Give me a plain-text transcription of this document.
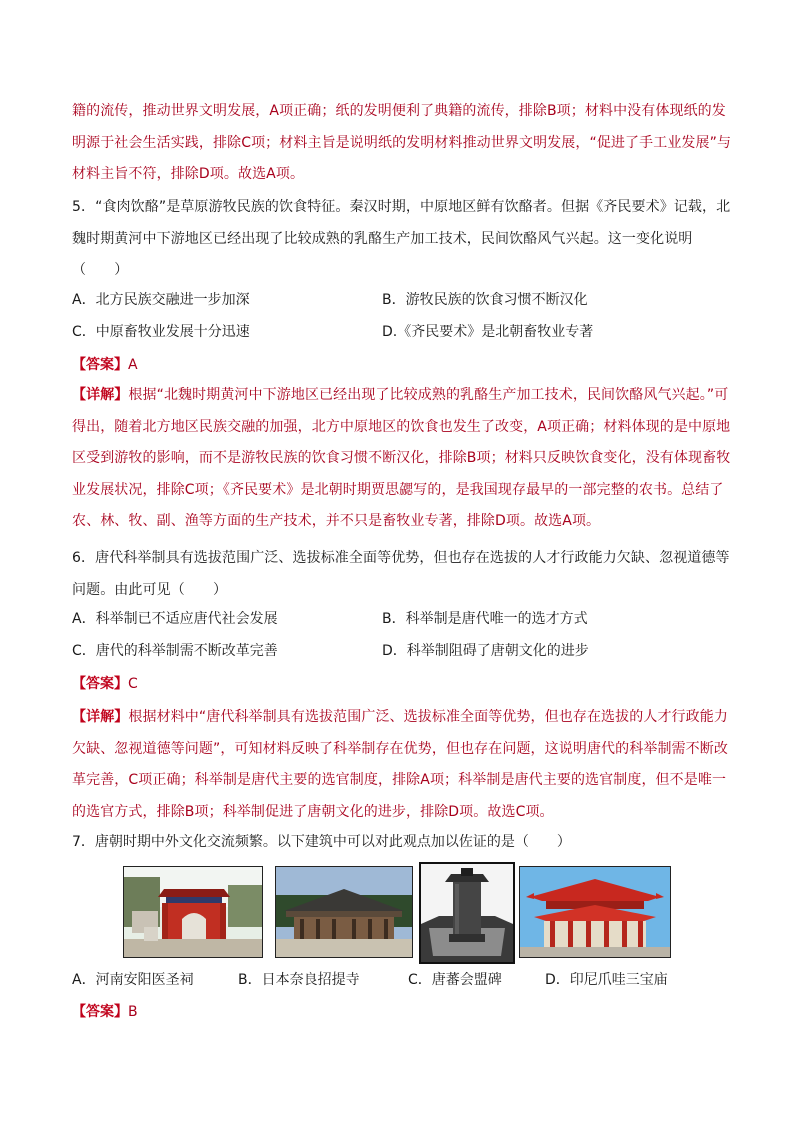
籍的流传，推动世界文明发展，A项正确；纸的发明便利了典籍的流传，排除B项；材料中没有体现纸的发明源于社会生活实践，排除C项；材料主旨是说明纸的发明材料推动世界文明发展，“促进了手工业发展”与材料主旨不符，排除D项。故选A项。
5．“食肉饮酪”是草原游牧民族的饮食特征。秦汉时期，中原地区鲜有饮酪者。但据《齐民要术》记载，北魏时期黄河中下游地区已经出现了比较成熟的乳酪生产加工技术，民间饮酪风气兴起。这一变化说明（　　）
A．北方民族交融进一步加深	B．游牧民族的饮食习惯不断汉化
C．中原畜牧业发展十分迅速	D.《齐民要术》是北朝畜牧业专著
【答案】A
【详解】根据“北魏时期黄河中下游地区已经出现了比较成熟的乳酪生产加工技术，民间饮酪风气兴起。”可得出，随着北方地区民族交融的加强，北方中原地区的饮食也发生了改变，A项正确；材料体现的是中原地区受到游牧的影响，而不是游牧民族的饮食习惯不断汉化，排除B项；材料只反映饮食变化，没有体现畜牧业发展状况，排除C项；《齐民要术》是北朝时期贾思勰写的，是我国现存最早的一部完整的农书。总结了农、林、牧、副、渔等方面的生产技术，并不只是畜牧业专著，排除D项。故选A项。
6．唐代科举制具有选拔范围广泛、选拔标准全面等优势，但也存在选拔的人才行政能力欠缺、忽视道德等问题。由此可见（　　）
A．科举制已不适应唐代社会发展	B．科举制是唐代唯一的选才方式
C．唐代的科举制需不断改革完善	D．科举制阻碍了唐朝文化的进步
【答案】C
【详解】根据材料中“唐代科举制具有选拔范围广泛、选拔标准全面等优势，但也存在选拔的人才行政能力欠缺、忽视道德等问题”，可知材料反映了科举制存在优势，但也存在问题，这说明唐代的科举制需不断改革完善，C项正确；科举制是唐代主要的选官制度，排除A项；科举制是唐代主要的选官制度，但不是唯一的选官方式，排除B项；科举制促进了唐朝文化的进步，排除D项。故选C项。
7．唐朝时期中外文化交流频繁。以下建筑中可以对此观点加以佐证的是（　　）
A．河南安阳医圣祠	B．日本奈良招提寺	C．唐蕃会盟碑	D．印尼爪哇三宝庙
【答案】B
